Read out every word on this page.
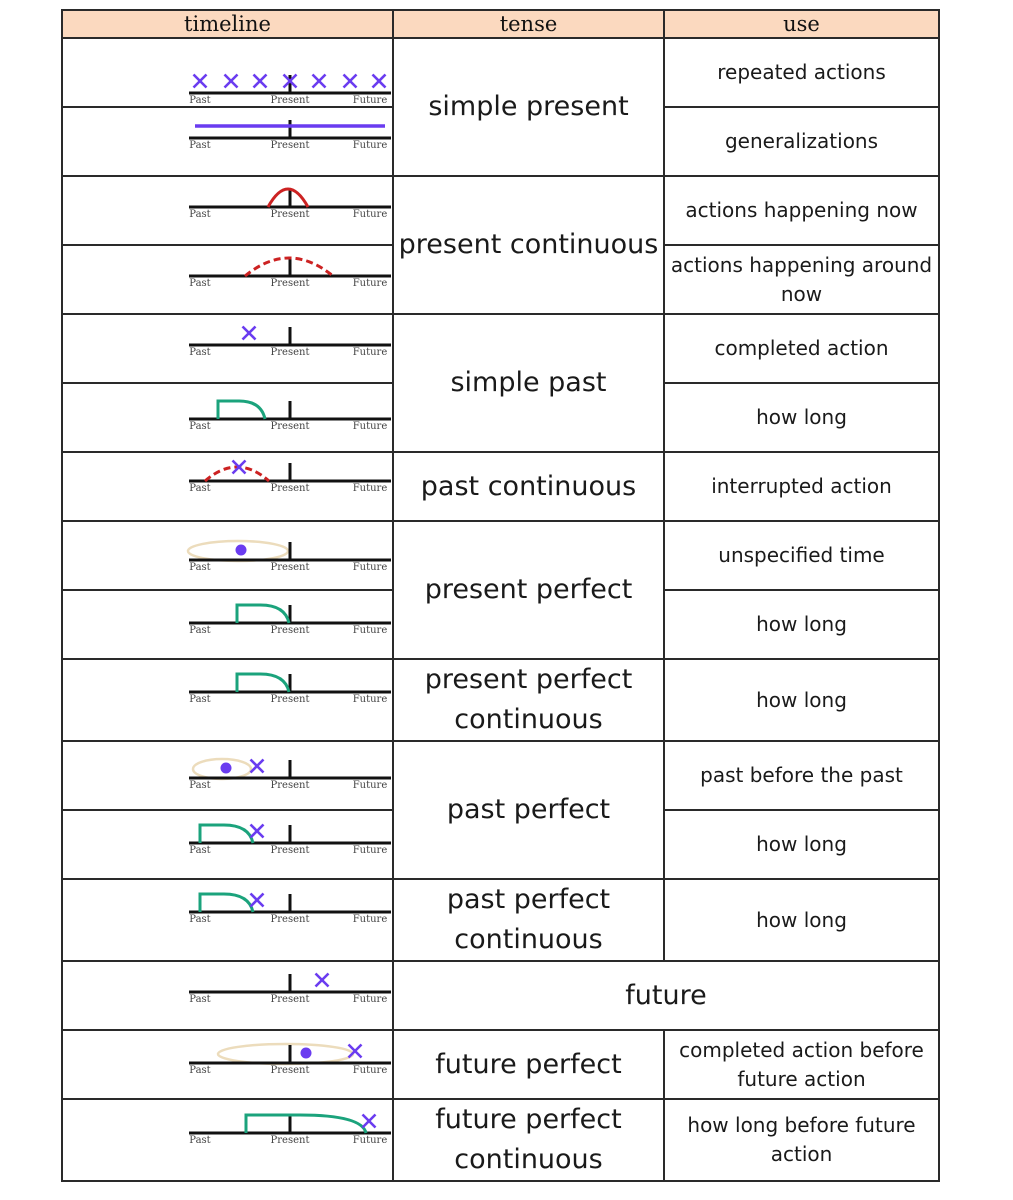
timeline	tense	use

Past Present Future	simple present	repeated actions

Past Present Future		generalizations

Past Present Future	present continuous	actions happening now

Past Present Future		actions happening around now

Past Present Future	simple past	completed action

Past Present Future		how long

Past Present Future	past continuous	interrupted action

Past Present Future	present perfect	unspecified time

Past Present Future		how long

Past Present Future	present perfect continuous	how long

Past Present Future	past perfect	past before the past

Past Present Future		how long

Past Present Future	past perfect continuous	how long

Past Present Future	future	

Past Present Future	future perfect	completed action before future action

Past Present Future	future perfect continuous	how long before future action
